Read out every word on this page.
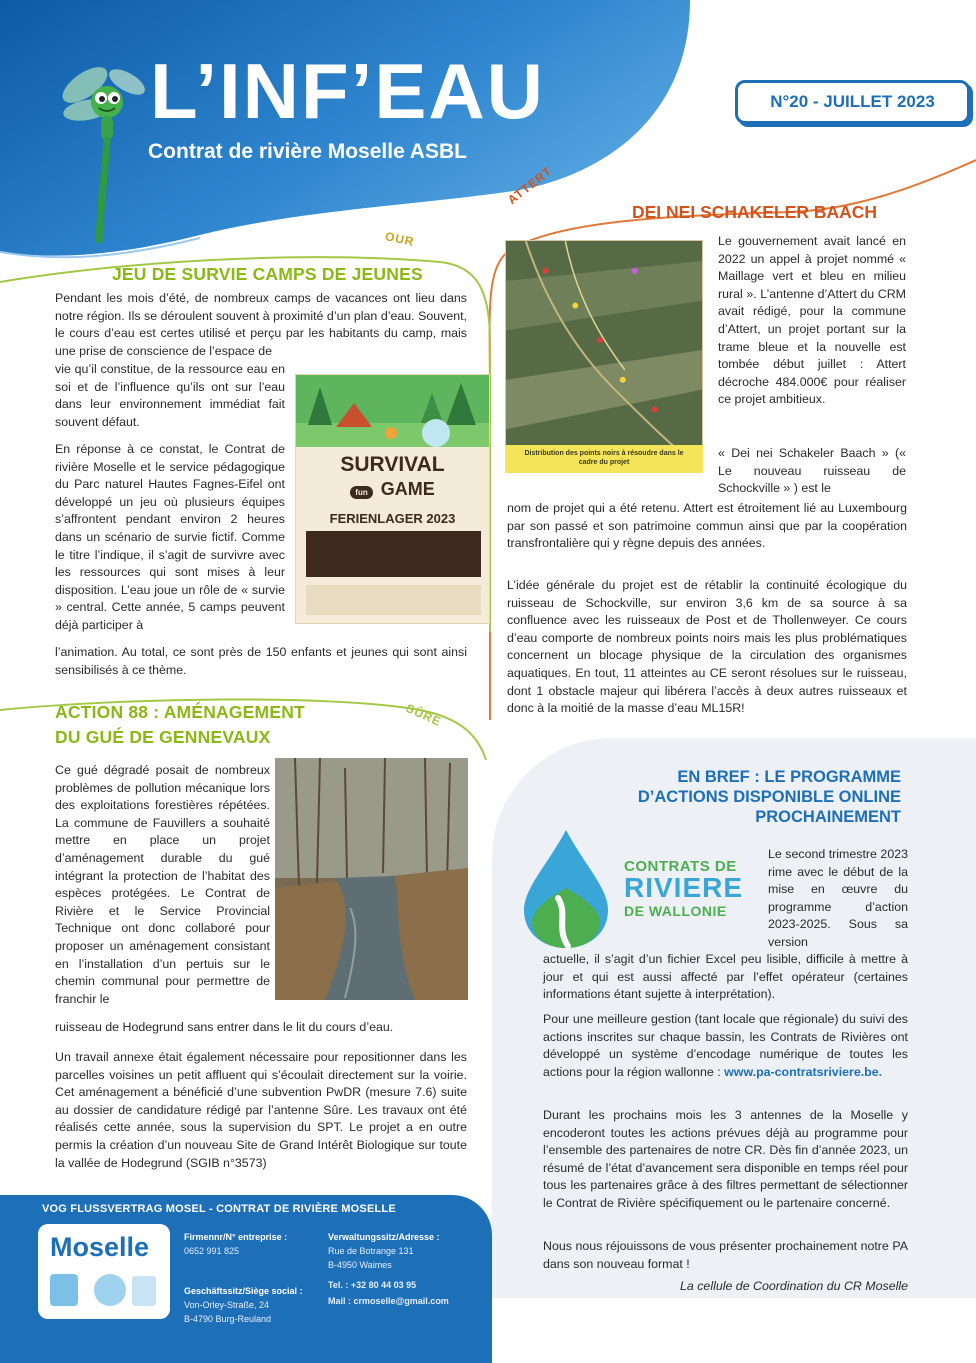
L’INF’EAU
Contrat de rivière Moselle ASBL
N°20 - JUILLET 2023
ATTERT
DEI NEI SCHAKELER BAACH
OUR
JEU DE SURVIE CAMPS DE JEUNES
Pendant les mois d’été, de nombreux camps de vacances ont lieu dans notre région. Ils se déroulent souvent à proximité d’un plan d’eau. Souvent, le cours d’eau est certes utilisé et perçu par les habitants du camp, mais une prise de conscience de l’espace de
vie qu’il constitue, de la ressource eau en soi et de l’influence qu’ils ont sur l’eau dans leur environnement immédiat fait souvent défaut.
En réponse à ce constat, le Contrat de rivière Moselle et le service pédagogique du Parc naturel Hautes Fagnes-Eifel ont développé un jeu où plusieurs équipes s’affrontent pendant environ 2 heures dans un scénario de survie fictif. Comme le titre l’indique, il s’agit de survivre avec les ressources qui sont mises à leur disposition. L’eau joue un rôle de « survie » central. Cette année, 5 camps peuvent déjà participer à
l’animation. Au total, ce sont près de 150 enfants et jeunes qui sont ainsi sensibilisés à ce thème.
SURVIVAL
fun GAME
FERIENLAGER 2023
Distribution des points noirs à résoudre dans le cadre du projet
Le gouvernement avait lancé en 2022 un appel à projet nommé « Maillage vert et bleu en milieu rural ». L’antenne d’Attert du CRM avait rédigé, pour la commune d’Attert, un projet portant sur la trame bleue et la nouvelle est tombée début juillet : Attert décroche 484.000€ pour réaliser ce projet ambitieux.
« Dei nei Schakeler Baach » (« Le nouveau ruisseau de Schockville » ) est le
nom de projet qui a été retenu. Attert est étroitement lié au Luxembourg par son passé et son patrimoine commun ainsi que par la coopération transfrontalière qui y règne depuis des années.
L’idée générale du projet est de rétablir la continuité écologique du ruisseau de Schockville, sur environ 3,6 km de sa source à sa confluence avec les ruisseaux de Post et de Thollenweyer. Ce cours d’eau comporte de nombreux points noirs mais les plus problématiques concernent un blocage physique de la circulation des organismes aquatiques. En tout, 11 atteintes au CE seront résolues sur le ruisseau, dont 1 obstacle majeur qui libérera l’accès à deux autres ruisseaux et donc à la moitié de la masse d’eau ML15R!
SÛRE
ACTION 88 : AMÉNAGEMENT
DU GUÉ DE GENNEVAUX
Ce gué dégradé posait de nombreux problèmes de pollution mécanique lors des exploitations forestières répétées. La commune de Fauvillers a souhaité mettre en place un projet d’aménagement durable du gué intégrant la protection de l’habitat des espèces protégées. Le Contrat de Rivière et le Service Provincial Technique ont donc collaboré pour proposer un aménagement consistant en l’installation d’un pertuis sur le chemin communal pour permettre de franchir le
ruisseau de Hodegrund sans entrer dans le lit du cours d’eau.
Un travail annexe était également nécessaire pour repositionner dans les parcelles voisines un petit affluent qui s’écoulait directement sur la voirie. Cet aménagement a bénéficié d’une subvention PwDR (mesure 7.6) suite au dossier de candidature rédigé par l’antenne Sûre. Les travaux ont été réalisés cette année, sous la supervision du SPT. Le projet a en outre permis la création d’un nouveau Site de Grand Intérêt Biologique sur toute la vallée de Hodegrund (SGIB n°3573)
EN BREF : LE PROGRAMME
D’ACTIONS DISPONIBLE ONLINE
PROCHAINEMENT
CONTRATS DE
RIVIERE
DE WALLONIE
Le second trimestre 2023 rime avec le début de la mise en œuvre du programme d’action 2023-2025. Sous sa version
actuelle, il s’agit d’un fichier Excel peu lisible, difficile à mettre à jour et qui est aussi affecté par l’effet opérateur (certaines informations étant sujette à interprétation).
Pour une meilleure gestion (tant locale que régionale) du suivi des actions inscrites sur chaque bassin, les Contrats de Rivières ont développé un système d’encodage numérique de toutes les actions pour la région wallonne : www.pa-contratsriviere.be.
Durant les prochains mois les 3 antennes de la Moselle y encoderont toutes les actions prévues déjà au programme pour l’ensemble des partenaires de notre CR. Dès fin d’année 2023, un résumé de l’état d’avancement sera disponible en temps réel pour tous les partenaires grâce à des filtres permettant de sélectionner le Contrat de Rivière spécifiquement ou le partenaire concerné.
Nous nous réjouissons de vous présenter prochainement notre PA dans son nouveau format !
La cellule de Coordination du CR Moselle
VOG FLUSSVERTRAG MOSEL - CONTRAT DE RIVIÈRE MOSELLE
Moselle	Firmennr/N° entreprise :
0652 991 825
Geschäftssitz/Siège social :
Von-Orley-Straße, 24
B-4790 Burg-Reuland
Verwaltungssitz/Adresse :
Rue de Botrange 131
B-4950 Waimes
Tel. : +32 80 44 03 95
Mail : crmoselle@gmail.com
